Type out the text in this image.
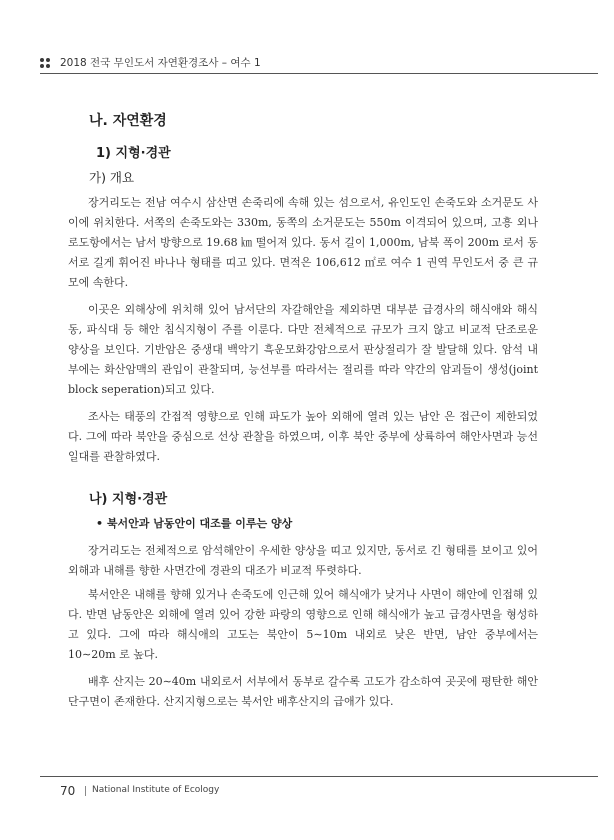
2018 전국 무인도서 자연환경조사 – 여수 1
나. 자연환경
1) 지형·경관
가) 개요

장거리도는 전남 여수시 삼산면 손죽리에 속해 있는 섬으로서, 유인도인 손죽도와 소거문도 사이에 위치한다. 서쪽의 손죽도와는 330m, 동쪽의 소거문도는 550m 이격되어 있으며, 고흥 외나로도항에서는 남서 방향으로 19.68 ㎞ 떨어져 있다. 동서 길이 1,000m, 남북 폭이 200m 로서 동서로 길게 휘어진 바나나 형태를 띠고 있다. 면적은 106,612 ㎡로 여수 1 권역 무인도서 중 큰 규모에 속한다.

이곳은 외해상에 위치해 있어 남서단의 자갈해안을 제외하면 대부분 급경사의 해식애와 해식동, 파식대 등 해안 침식지형이 주를 이룬다. 다만 전체적으로 규모가 크지 않고 비교적 단조로운 양상을 보인다. 기반암은 중생대 백악기 흑운모화강암으로서 판상절리가 잘 발달해 있다. 암석 내부에는 화산암맥의 관입이 관찰되며, 능선부를 따라서는 절리를 따라 약간의 암괴들이 생성(joint block seperation)되고 있다.

조사는 태풍의 간접적 영향으로 인해 파도가 높아 외해에 열려 있는 남안 은 접근이 제한되었다. 그에 따라 북안을 중심으로 선상 관찰을 하였으며, 이후 북안 중부에 상륙하여 해안사면과 능선 일대를 관찰하였다.

나) 지형·경관
• 북서안과 남동안이 대조를 이루는 양상

장거리도는 전체적으로 암석해안이 우세한 양상을 띠고 있지만, 동서로 긴 형태를 보이고 있어 외해과 내해를 향한 사면간에 경관의 대조가 비교적 뚜렷하다.

북서안은 내해를 향해 있거나 손죽도에 인근해 있어 해식애가 낮거나 사면이 해안에 인접해 있다. 반면 남동안은 외해에 열려 있어 강한 파랑의 영향으로 인해 해식애가 높고 급경사면을 형성하고 있다. 그에 따라 해식애의 고도는 북안이 5∼10m 내외로 낮은 반면, 남안 중부에서는 10∼20m 로 높다.

배후 산지는 20∼40m 내외로서 서부에서 동부로 갈수록 고도가 감소하여 곳곳에 평탄한 해안단구면이 존재한다. 산지지형으로는 북서안 배후산지의 급애가 있다.

70 National Institute of Ecology
